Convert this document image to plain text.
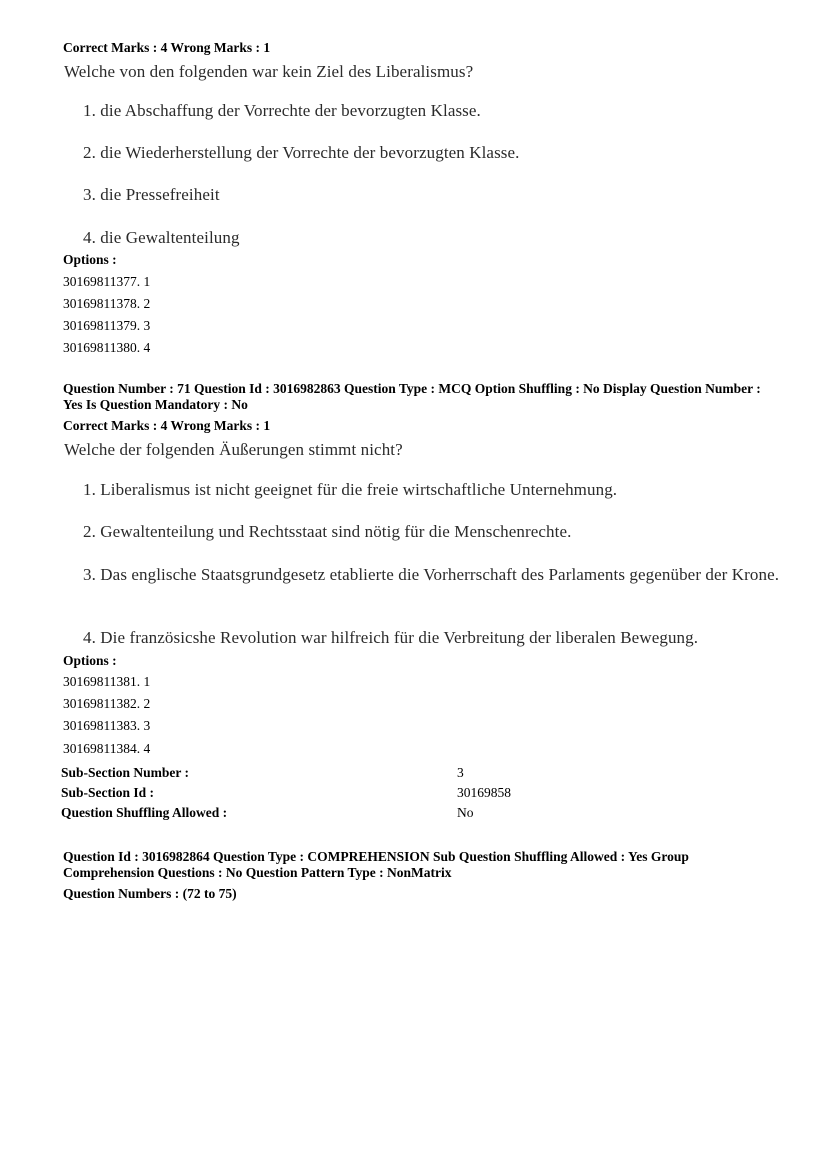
Correct Marks : 4 Wrong Marks : 1
Welche von den folgenden war kein Ziel des Liberalismus?
1. die Abschaffung der Vorrechte der bevorzugten Klasse.
2. die Wiederherstellung der Vorrechte der bevorzugten Klasse.
3. die Pressefreiheit
4. die Gewaltenteilung
Options :
30169811377. 1
30169811378. 2
30169811379. 3
30169811380. 4
Question Number : 71 Question Id : 3016982863 Question Type : MCQ Option Shuffling : No Display Question Number : Yes Is Question Mandatory : No
Correct Marks : 4 Wrong Marks : 1
Welche der folgenden Äußerungen stimmt nicht?
1. Liberalismus ist nicht geeignet für die freie wirtschaftliche Unternehmung.
2. Gewaltenteilung und Rechtsstaat sind nötig für die Menschenrechte.
3. Das englische Staatsgrundgesetz etablierte die Vorherrschaft des Parlaments gegenüber der Krone.
4. Die französicshe Revolution war hilfreich für die Verbreitung der liberalen Bewegung.
Options :
30169811381. 1
30169811382. 2
30169811383. 3
30169811384. 4
Sub-Section Number :	3
Sub-Section Id :	30169858
Question Shuffling Allowed :	No
Question Id : 3016982864 Question Type : COMPREHENSION Sub Question Shuffling Allowed : Yes Group Comprehension Questions : No Question Pattern Type : NonMatrix
Question Numbers : (72 to 75)
